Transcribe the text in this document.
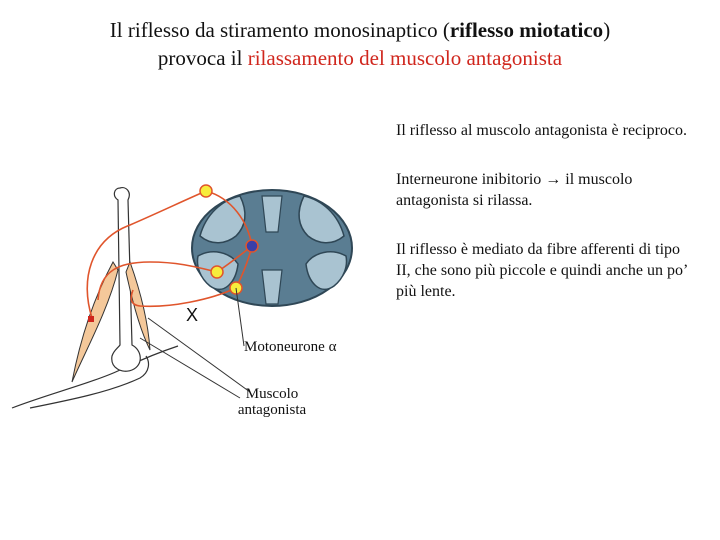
Il riflesso da stiramento monosinaptico (riflesso miotatico)
provoca il rilassamento del muscolo antagonista
X
Motoneurone α
Muscolo antagonista

Il riflesso al muscolo antagonista è reciproco.

Interneurone inibitorio → il muscolo antagonista si rilassa.

Il riflesso è mediato da fibre afferenti di tipo II, che sono più piccole e quindi anche un po’ più lente.
